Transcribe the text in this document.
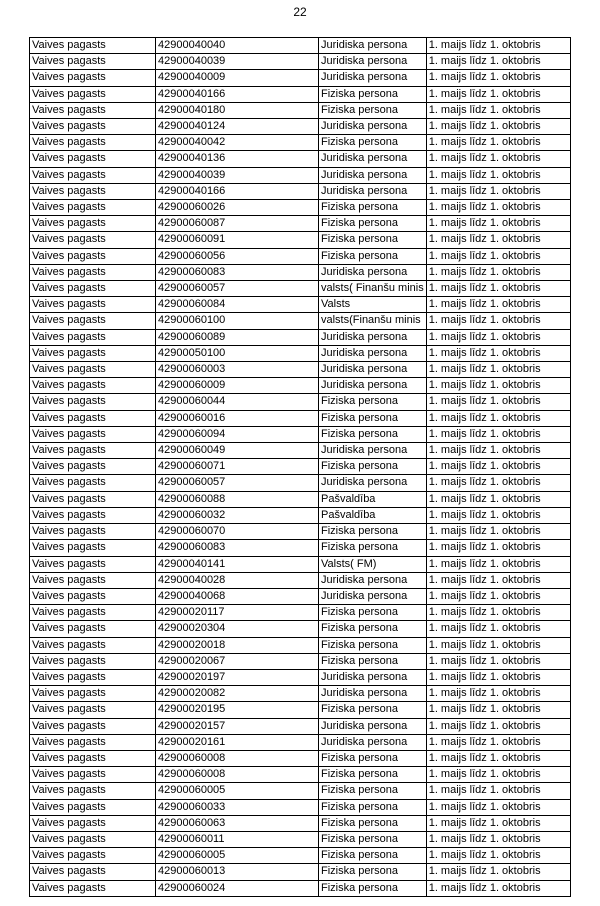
22
Vaives pagasts	42900040040	Juridiska persona	1. maijs līdz 1. oktobris
Vaives pagasts	42900040039	Juridiska persona	1. maijs līdz 1. oktobris
Vaives pagasts	42900040009	Juridiska persona	1. maijs līdz 1. oktobris
Vaives pagasts	42900040166	Fiziska persona	1. maijs līdz 1. oktobris
Vaives pagasts	42900040180	Fiziska persona	1. maijs līdz 1. oktobris
Vaives pagasts	42900040124	Juridiska persona	1. maijs līdz 1. oktobris
Vaives pagasts	42900040042	Fiziska persona	1. maijs līdz 1. oktobris
Vaives pagasts	42900040136	Juridiska persona	1. maijs līdz 1. oktobris
Vaives pagasts	42900040039	Juridiska persona	1. maijs līdz 1. oktobris
Vaives pagasts	42900040166	Juridiska persona	1. maijs līdz 1. oktobris
Vaives pagasts	42900060026	Fiziska persona	1. maijs līdz 1. oktobris
Vaives pagasts	42900060087	Fiziska persona	1. maijs līdz 1. oktobris
Vaives pagasts	42900060091	Fiziska persona	1. maijs līdz 1. oktobris
Vaives pagasts	42900060056	Fiziska persona	1. maijs līdz 1. oktobris
Vaives pagasts	42900060083	Juridiska persona	1. maijs līdz 1. oktobris
Vaives pagasts	42900060057	valsts( Finanšu minis	1. maijs līdz 1. oktobris
Vaives pagasts	42900060084	Valsts	1. maijs līdz 1. oktobris
Vaives pagasts	42900060100	valsts(Finanšu minis	1. maijs līdz 1. oktobris
Vaives pagasts	42900060089	Juridiska persona	1. maijs līdz 1. oktobris
Vaives pagasts	42900050100	Juridiska persona	1. maijs līdz 1. oktobris
Vaives pagasts	42900060003	Juridiska persona	1. maijs līdz 1. oktobris
Vaives pagasts	42900060009	Juridiska persona	1. maijs līdz 1. oktobris
Vaives pagasts	42900060044	Fiziska persona	1. maijs līdz 1. oktobris
Vaives pagasts	42900060016	Fiziska persona	1. maijs līdz 1. oktobris
Vaives pagasts	42900060094	Fiziska persona	1. maijs līdz 1. oktobris
Vaives pagasts	42900060049	Juridiska persona	1. maijs līdz 1. oktobris
Vaives pagasts	42900060071	Fiziska persona	1. maijs līdz 1. oktobris
Vaives pagasts	42900060057	Juridiska persona	1. maijs līdz 1. oktobris
Vaives pagasts	42900060088	Pašvaldība	1. maijs līdz 1. oktobris
Vaives pagasts	42900060032	Pašvaldība	1. maijs līdz 1. oktobris
Vaives pagasts	42900060070	Fiziska persona	1. maijs līdz 1. oktobris
Vaives pagasts	42900060083	Fiziska persona	1. maijs līdz 1. oktobris
Vaives pagasts	42900040141	Valsts( FM)	1. maijs līdz 1. oktobris
Vaives pagasts	42900040028	Juridiska persona	1. maijs līdz 1. oktobris
Vaives pagasts	42900040068	Juridiska persona	1. maijs līdz 1. oktobris
Vaives pagasts	42900020117	Fiziska persona	1. maijs līdz 1. oktobris
Vaives pagasts	42900020304	Fiziska persona	1. maijs līdz 1. oktobris
Vaives pagasts	42900020018	Fiziska persona	1. maijs līdz 1. oktobris
Vaives pagasts	42900020067	Fiziska persona	1. maijs līdz 1. oktobris
Vaives pagasts	42900020197	Juridiska persona	1. maijs līdz 1. oktobris
Vaives pagasts	42900020082	Juridiska persona	1. maijs līdz 1. oktobris
Vaives pagasts	42900020195	Fiziska persona	1. maijs līdz 1. oktobris
Vaives pagasts	42900020157	Juridiska persona	1. maijs līdz 1. oktobris
Vaives pagasts	42900020161	Juridiska persona	1. maijs līdz 1. oktobris
Vaives pagasts	42900060008	Fiziska persona	1. maijs līdz 1. oktobris
Vaives pagasts	42900060008	Fiziska persona	1. maijs līdz 1. oktobris
Vaives pagasts	42900060005	Fiziska persona	1. maijs līdz 1. oktobris
Vaives pagasts	42900060033	Fiziska persona	1. maijs līdz 1. oktobris
Vaives pagasts	42900060063	Fiziska persona	1. maijs līdz 1. oktobris
Vaives pagasts	42900060011	Fiziska persona	1. maijs līdz 1. oktobris
Vaives pagasts	42900060005	Fiziska persona	1. maijs līdz 1. oktobris
Vaives pagasts	42900060013	Fiziska persona	1. maijs līdz 1. oktobris
Vaives pagasts	42900060024	Fiziska persona	1. maijs līdz 1. oktobris
